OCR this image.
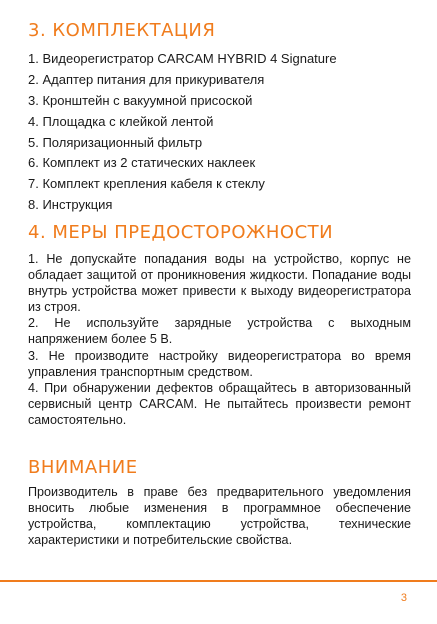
3. КОМПЛЕКТАЦИЯ
1. Видеорегистратор CARCAM HYBRID 4 Signature
2. Адаптер питания для прикуривателя
3. Кронштейн с вакуумной присоской
4. Площадка с клейкой лентой
5. Поляризационный фильтр
6. Комплект из 2 статических наклеек
7. Комплект крепления кабеля к стеклу
8. Инструкция
4. МЕРЫ ПРЕДОСТОРОЖНОСТИ

1. Не допускайте попадания воды на устройство, корпус не обладает защитой от проникновения жидкости. Попадание воды внутрь устройства может привести к выходу видеорегистратора из строя.

2. Не используйте зарядные устройства с выходным напряжением более 5 В.

3. Не производите настройку видеорегистратора во время управления транспортным средством.

4. При обнаружении дефектов обращайтесь в авторизованный сервисный центр CARCAM. Не пытайтесь произвести ремонт самостоятельно.

ВНИМАНИЕ

Производитель в праве без предварительного уведомления вносить любые изменения в программное обеспечение устройства, комплектацию устройства, технические характеристики и потребительские свойства.

3
